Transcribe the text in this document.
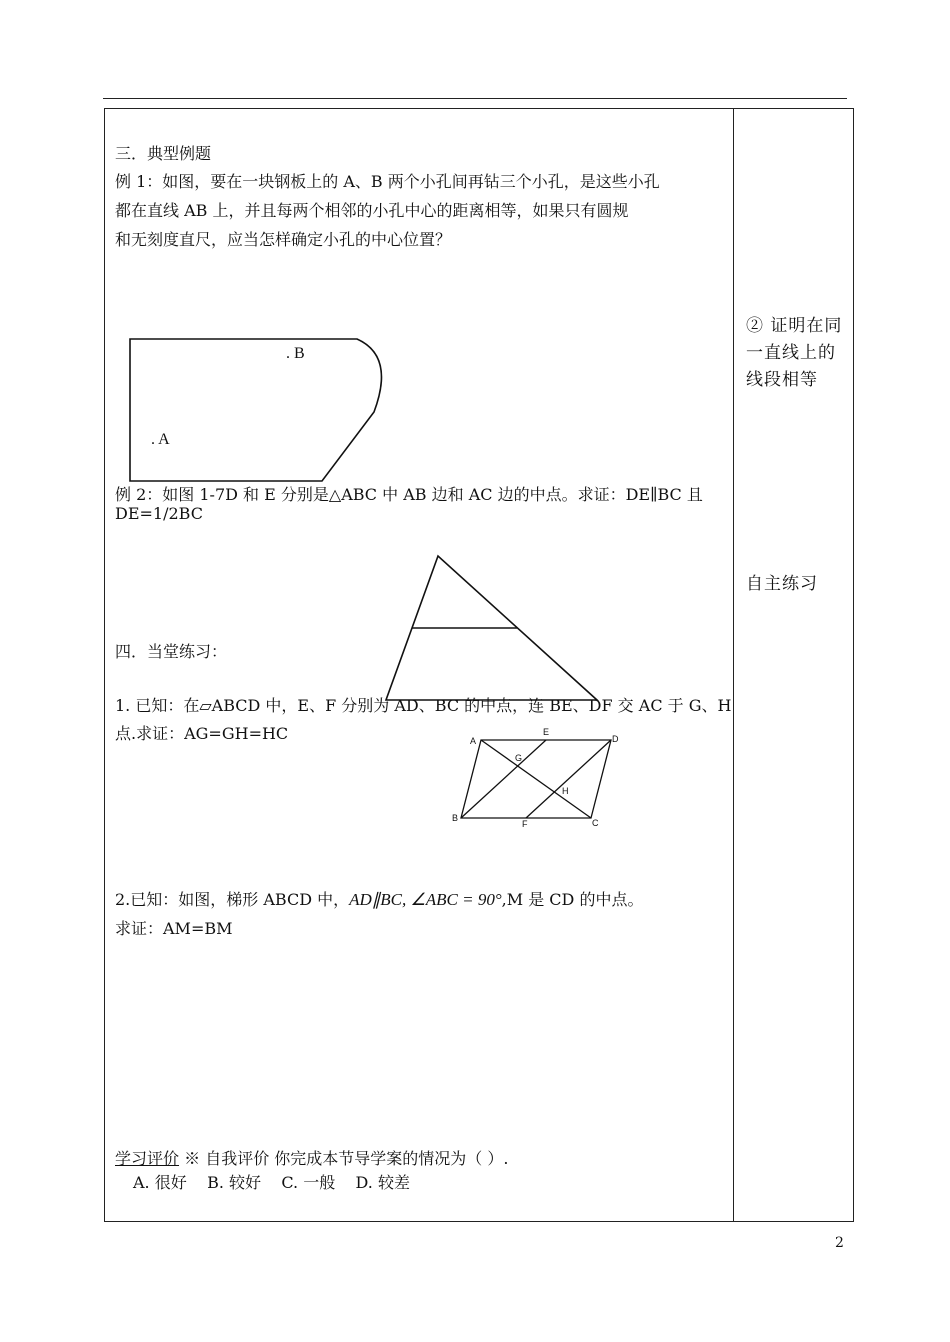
三．典型例题
例 1：如图，要在一块钢板上的 A、B 两个小孔间再钻三个小孔，是这些小孔
都在直线 AB 上，并且每两个相邻的小孔中心的距离相等，如果只有圆规
和无刻度直尺，应当怎样确定小孔的中心位置？
. B
. A
例 2：如图 1-7D 和 E 分别是△ABC 中 AB 边和 AC 边的中点。求证：DE∥BC 且
DE=1/2BC
四．当堂练习：
1. 已知：在▱ABCD 中，E、F 分别为 AD、BC 的中点，连 BE、DF 交 AC 于 G、H
点.求证：AG=GH=HC	A
E
D
G
H
B
F	C
2.已知：如图，梯形 ABCD 中，AD∥BC, ∠ABC = 90°,M 是 CD 的中点。
求证：AM=BM
学习评价 ※ 自我评价 你完成本节导学案的情况为（ ）.
A. 很好    B. 较好    C. 一般    D. 较差
② 证明在同一直线上的线段相等
自主练习
2
